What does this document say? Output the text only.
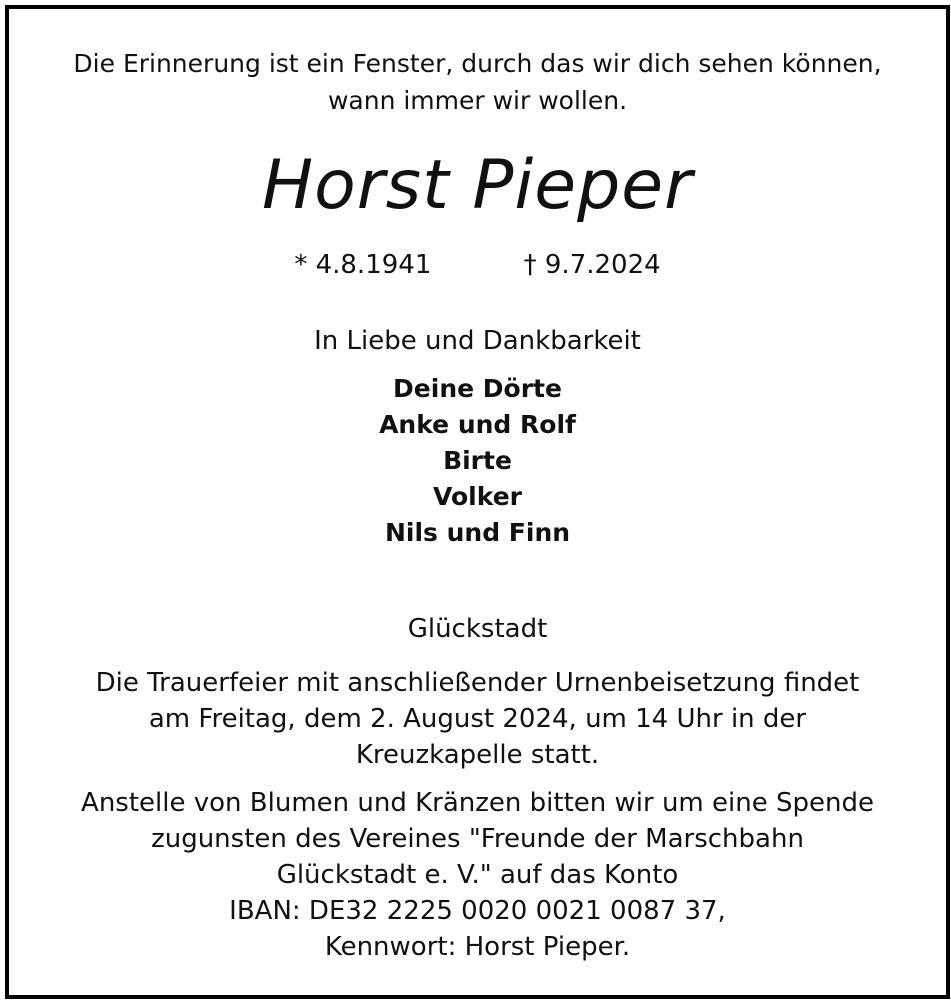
Die Erinnerung ist ein Fenster, durch das wir dich sehen können,
wann immer wir wollen.
Horst Pieper
* 4.8.1941	† 9.7.2024
In Liebe und Dankbarkeit
Deine Dörte
Anke und Rolf
Birte
Volker
Nils und Finn
Glückstadt
Die Trauerfeier mit anschließender Urnenbeisetzung findet
am Freitag, dem 2. August 2024, um 14 Uhr in der
Kreuzkapelle statt.
Anstelle von Blumen und Kränzen bitten wir um eine Spende
zugunsten des Vereines "Freunde der Marschbahn
Glückstadt e. V." auf das Konto
IBAN: DE32 2225 0020 0021 0087 37,
Kennwort: Horst Pieper.
